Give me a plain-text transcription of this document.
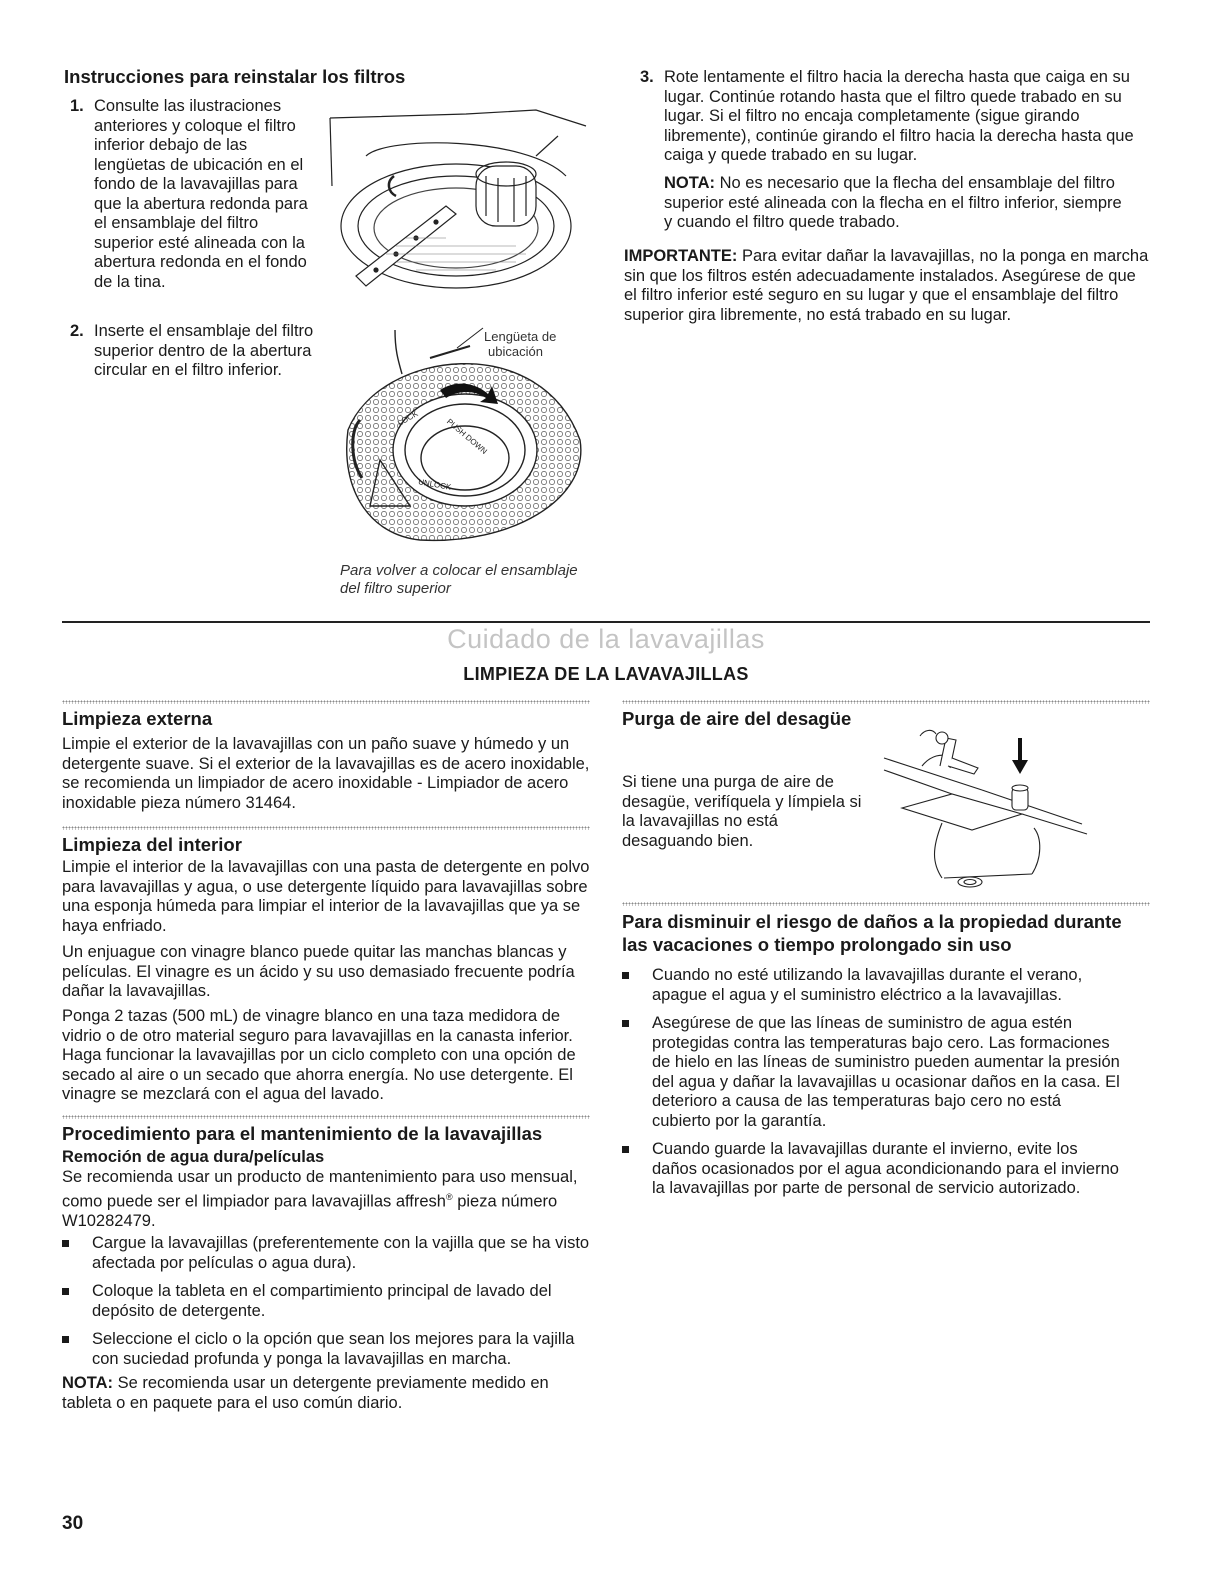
Instrucciones para reinstalar los filtros
1. Consulte las ilustraciones anteriores y coloque el filtro inferior debajo de las lengüetas de ubicación en el fondo de la lavavajillas para que la abertura redonda para el ensamblaje del filtro superior esté alineada con la abertura redonda en el fondo de la tina.
2. Inserte el ensamblaje del filtro superior dentro de la abertura circular en el filtro inferior.
PUSH DOWN
UNLOCK
LOCK
Lengüeta de
ubicación
Para volver a colocar el ensamblaje
del filtro superior
3. Rote lentamente el filtro hacia la derecha hasta que caiga en su lugar. Continúe rotando hasta que el filtro quede trabado en su lugar. Si el filtro no encaja completamente (sigue girando libremente), continúe girando el filtro hacia la derecha hasta que caiga y quede trabado en su lugar.

NOTA: No es necesario que la flecha del ensamblaje del filtro superior esté alineada con la flecha en el filtro inferior, siempre y cuando el filtro quede trabado.

IMPORTANTE: Para evitar dañar la lavavajillas, no la ponga en marcha sin que los filtros estén adecuadamente instalados. Asegúrese de que el filtro inferior esté seguro en su lugar y que el ensamblaje del filtro superior gira libremente, no está trabado en su lugar.

Cuidado de la lavavajillas
LIMPIEZA DE LA LAVAVAJILLAS
Limpieza externa

Limpie el exterior de la lavavajillas con un paño suave y húmedo y un detergente suave. Si el exterior de la lavavajillas es de acero inoxidable, se recomienda un limpiador de acero inoxidable - Limpiador de acero inoxidable pieza número 31464.

Limpieza del interior

Limpie el interior de la lavavajillas con una pasta de detergente en polvo para lavavajillas y agua, o use detergente líquido para lavavajillas sobre una esponja húmeda para limpiar el interior de la lavavajillas que ya se haya enfriado.

Un enjuague con vinagre blanco puede quitar las manchas blancas y películas. El vinagre es un ácido y su uso demasiado frecuente podría dañar la lavavajillas.

Ponga 2 tazas (500 mL) de vinagre blanco en una taza medidora de vidrio o de otro material seguro para lavavajillas en la canasta inferior. Haga funcionar la lavavajillas por un ciclo completo con una opción de secado al aire o un secado que ahorra energía. No use detergente. El vinagre se mezclará con el agua del lavado.

Procedimiento para el mantenimiento de la lavavajillas
Remoción de agua dura/películas

Se recomienda usar un producto de mantenimiento para uso mensual, como puede ser el limpiador para lavavajillas affresh® pieza número W10282479.

Cargue la lavavajillas (preferentemente con la vajilla que se ha visto afectada por películas o agua dura).
Coloque la tableta en el compartimiento principal de lavado del depósito de detergente.
Seleccione el ciclo o la opción que sean los mejores para la vajilla con suciedad profunda y ponga la lavavajillas en marcha.

NOTA: Se recomienda usar un detergente previamente medido en tableta o en paquete para el uso común diario.

Purga de aire del desagüe

Si tiene una purga de aire de desagüe, verifíquela y límpiela si la lavavajillas no está desaguando bien.

Para disminuir el riesgo de daños a la propiedad durante las vacaciones o tiempo prolongado sin uso
Cuando no esté utilizando la lavavajillas durante el verano, apague el agua y el suministro eléctrico a la lavavajillas.
Asegúrese de que las líneas de suministro de agua estén protegidas contra las temperaturas bajo cero. Las formaciones de hielo en las líneas de suministro pueden aumentar la presión del agua y dañar la lavavajillas u ocasionar daños en la casa. El deterioro a causa de las temperaturas bajo cero no está cubierto por la garantía.
Cuando guarde la lavavajillas durante el invierno, evite los daños ocasionados por el agua acondicionando para el invierno la lavavajillas por parte de personal de servicio autorizado.
30
